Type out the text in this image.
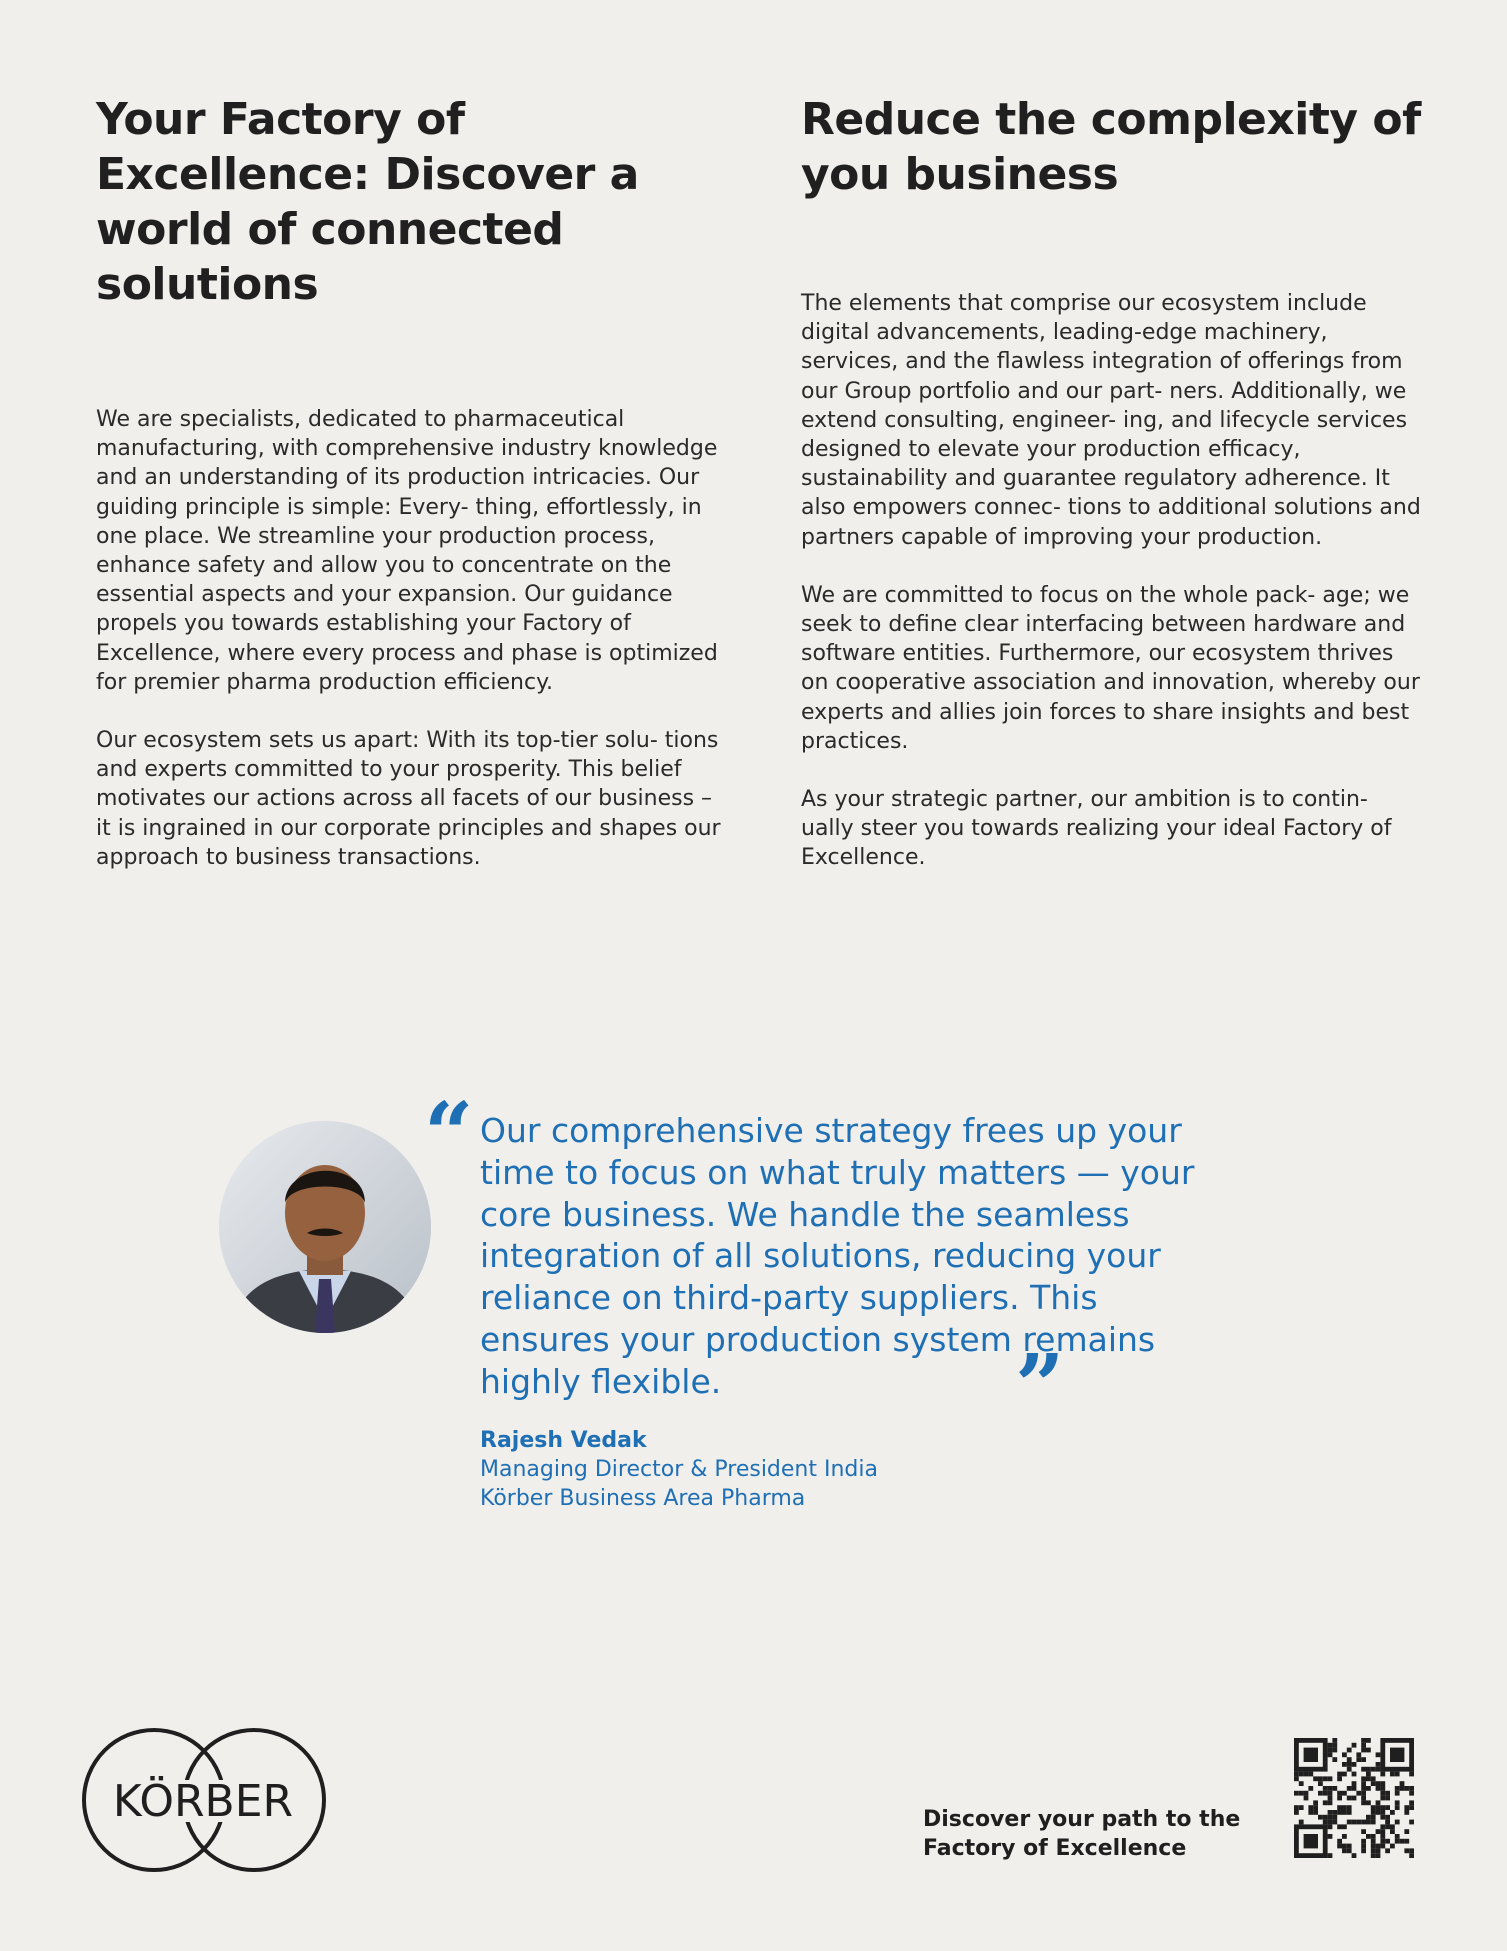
Your Factory of Excellence: Discover a world of connected solutions

We are specialists, dedicated to pharmaceutical manufacturing, with comprehensive industry knowledge and an understanding of its production intricacies. Our guiding principle is simple: Every- thing, effortlessly, in one place. We streamline your production process, enhance safety and allow you to concentrate on the essential aspects and your expansion. Our guidance propels you towards establishing your Factory of Excellence, where every process and phase is optimized for premier pharma production efficiency.

Our ecosystem sets us apart: With its top-tier solu- tions and experts committed to your prosperity. This belief motivates our actions across all facets of our business – it is ingrained in our corporate principles and shapes our approach to business transactions.

Reduce the complexity of you business

The elements that comprise our ecosystem include digital advancements, leading-edge machinery, services, and the flawless integration of offerings from our Group portfolio and our part- ners. Additionally, we extend consulting, engineer- ing, and lifecycle services designed to elevate your production efficacy, sustainability and guarantee regulatory adherence. It also empowers connec- tions to additional solutions and partners capable of improving your production.

We are committed to focus on the whole pack- age; we seek to define clear interfacing between hardware and software entities. Furthermore, our ecosystem thrives on cooperative association and innovation, whereby our experts and allies join forces to share insights and best practices.

As your strategic partner, our ambition is to contin- ually steer you towards realizing your ideal Factory of Excellence.

“ Our comprehensive strategy frees up your time to focus on what truly matters — your core business. We handle the seamless integration of all solutions, reducing your reliance on third-party suppliers. This ensures your production system remains highly flexible.	”
Rajesh Vedak
Managing Director & President India
Körber Business Area Pharma
KÖRBER	Discover your path to the Factory of Excellence
